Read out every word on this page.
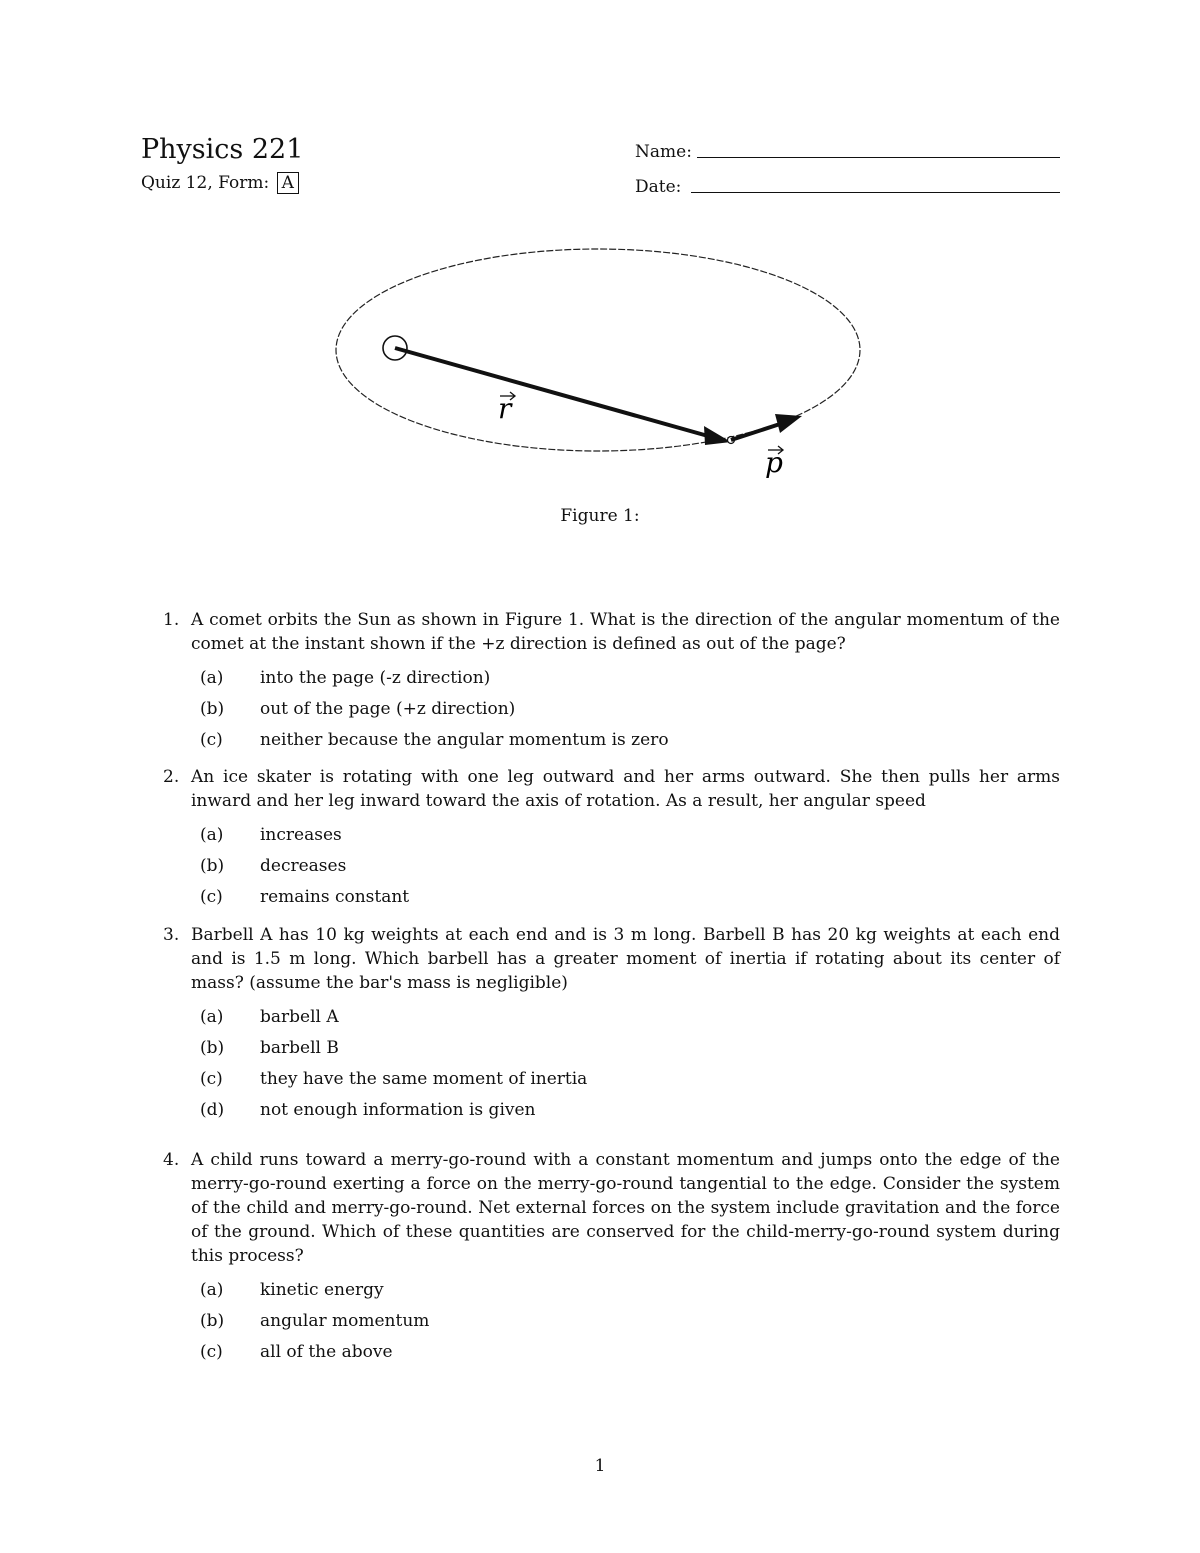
Physics 221
Quiz 12, Form: A
Name:
Date:
r
p
Figure 1:
1. A comet orbits the Sun as shown in Figure 1. What is the direction of the angular momentum of the comet at the instant shown if the +z direction is defined as out of the page?
(a) into the page (-z direction)
(b) out of the page (+z direction)
(c) neither because the angular momentum is zero
2. An ice skater is rotating with one leg outward and her arms outward. She then pulls her arms inward and her leg inward toward the axis of rotation. As a result, her angular speed
(a) increases
(b) decreases
(c) remains constant
3. Barbell A has 10 kg weights at each end and is 3 m long. Barbell B has 20 kg weights at each end and is 1.5 m long. Which barbell has a greater moment of inertia if rotating about its center of mass? (assume the bar's mass is negligible)
(a) barbell A
(b) barbell B
(c) they have the same moment of inertia
(d) not enough information is given
4. A child runs toward a merry-go-round with a constant momentum and jumps onto the edge of the merry-go-round exerting a force on the merry-go-round tangential to the edge. Consider the system of the child and merry-go-round. Net external forces on the system include gravitation and the force of the ground. Which of these quantities are conserved for the child-merry-go-round system during this process?
(a) kinetic energy
(b) angular momentum
(c) all of the above
1
